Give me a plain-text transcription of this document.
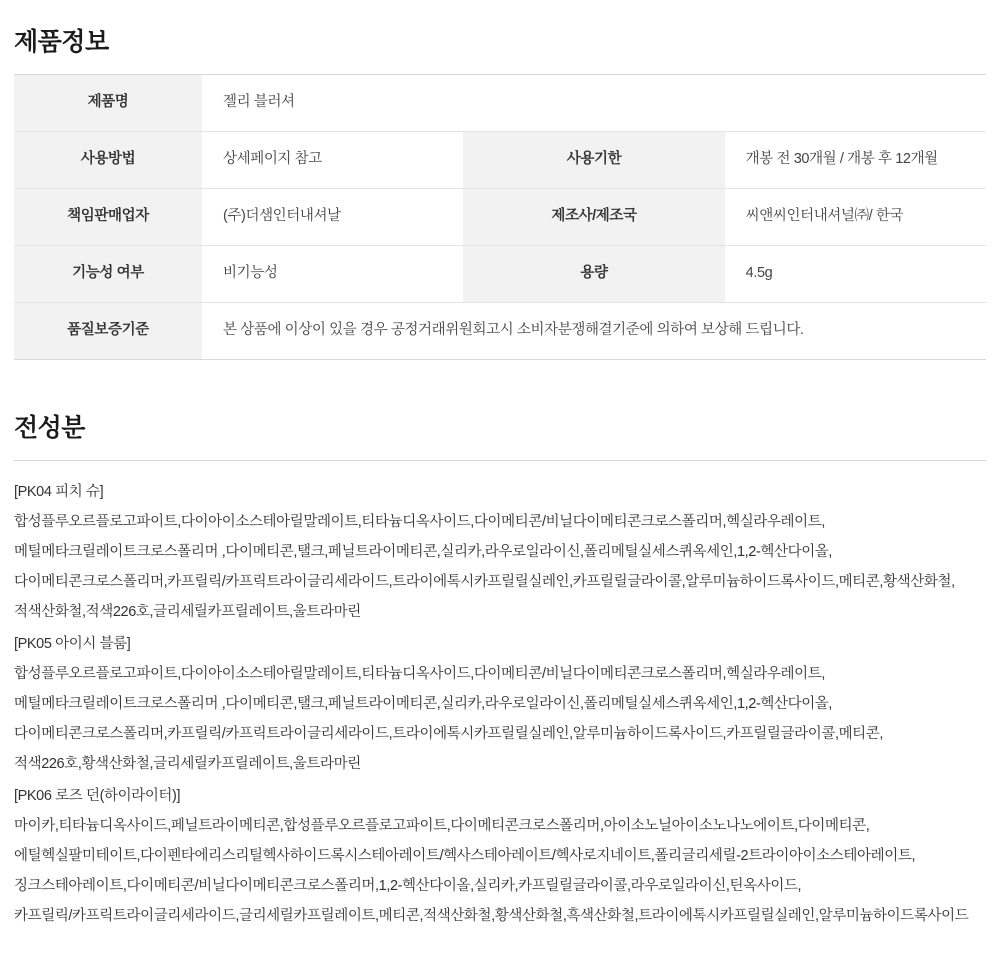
제품정보
제품명	젤리 블러셔		
사용방법	상세페이지 참고	사용기한	개봉 전 30개월 / 개봉 후 12개월
책임판매업자	(주)더샘인터내셔날	제조사/제조국	씨앤씨인터내셔널㈜/ 한국
기능성 여부	비기능성	용량	4.5g
품질보증기준	본 상품에 이상이 있을 경우 공정거래위원회고시 소비자분쟁해결기준에 의하여 보상해 드립니다.		
전성분
[PK04 피치 슈]
합성플루오르플로고파이트,다이아이소스테아릴말레이트,티타늄디옥사이드,다이메티콘/비닐다이메티콘크로스폴리머,헥실라우레이트,
메틸메타크릴레이트크로스폴리머 ,다이메티콘,탤크,페닐트라이메티콘,실리카,라우로일라이신,폴리메틸실세스퀴옥세인,1,2-헥산다이올,
다이메티콘크로스폴리머,카프릴릭/카프릭트라이글리세라이드,트라이에톡시카프릴릴실레인,카프릴릴글라이콜,알루미늄하이드록사이드,메티콘,황색산화철,
적색산화철,적색226호,글리세릴카프릴레이트,울트라마린
[PK05 아이시 블룸]
합성플루오르플로고파이트,다이아이소스테아릴말레이트,티타늄디옥사이드,다이메티콘/비닐다이메티콘크로스폴리머,헥실라우레이트,
메틸메타크릴레이트크로스폴리머 ,다이메티콘,탤크,페닐트라이메티콘,실리카,라우로일라이신,폴리메틸실세스퀴옥세인,1,2-헥산다이올,
다이메티콘크로스폴리머,카프릴릭/카프릭트라이글리세라이드,트라이에톡시카프릴릴실레인,알루미늄하이드록사이드,카프릴릴글라이콜,메티콘,
적색226호,황색산화철,글리세릴카프릴레이트,울트라마린
[PK06 로즈 던(하이라이터)]
마이카,티타늄디옥사이드,페닐트라이메티콘,합성플루오르플로고파이트,다이메티콘크로스폴리머,아이소노닐아이소노나노에이트,다이메티콘,
에틸헥실팔미테이트,다이펜타에리스리틸헥사하이드록시스테아레이트/헥사스테아레이트/헥사로지네이트,폴리글리세릴-2트라이아이소스테아레이트,
징크스테아레이트,다이메티콘/비닐다이메티콘크로스폴리머,1,2-헥산다이올,실리카,카프릴릴글라이콜,라우로일라이신,틴옥사이드,
카프릴릭/카프릭트라이글리세라이드,글리세릴카프릴레이트,메티콘,적색산화철,황색산화철,흑색산화철,트라이에톡시카프릴릴실레인,알루미늄하이드록사이드
